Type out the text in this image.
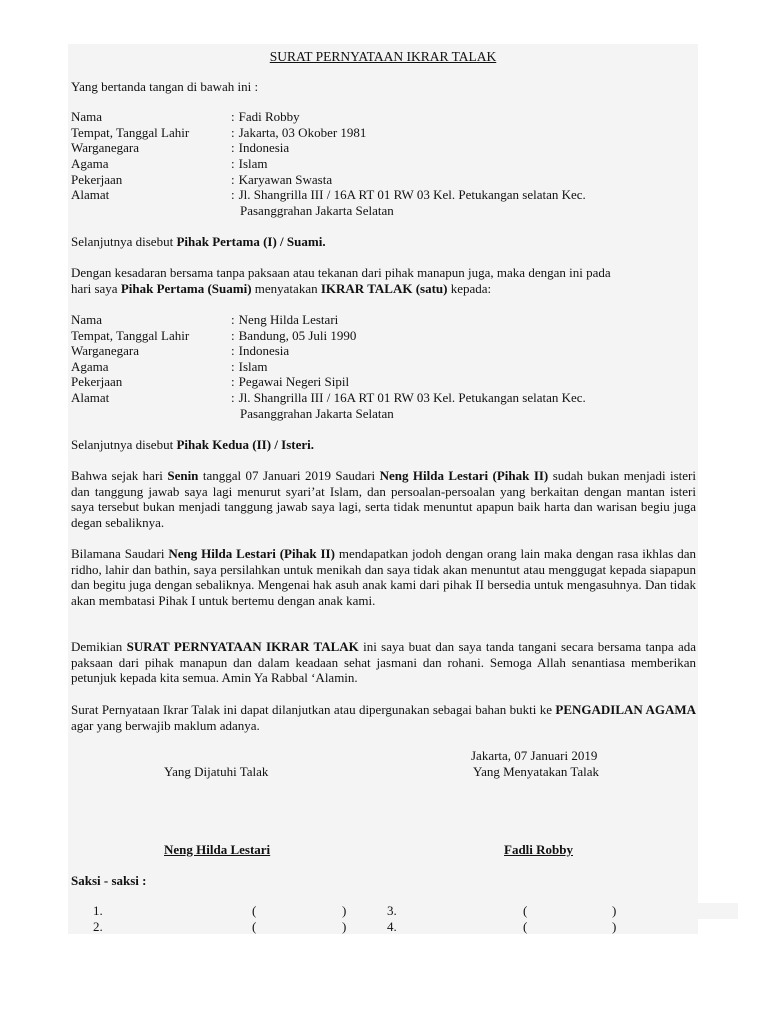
SURAT PERNYATAAN IKRAR TALAK
Yang bertanda tangan di bawah ini :
Nama	: Fadi Robby
Tempat, Tanggal Lahir	: Jakarta, 03 Okober 1981
Warganegara	: Indonesia
Agama	: Islam
Pekerjaan	: Karyawan Swasta
Alamat	: Jl. Shangrilla III / 16A RT 01 RW 03 Kel. Petukangan selatan Kec.
Pasanggrahan Jakarta Selatan
Selanjutnya disebut Pihak Pertama (I) / Suami.
Dengan kesadaran bersama tanpa paksaan atau tekanan dari pihak manapun juga, maka dengan ini pada
hari saya Pihak Pertama (Suami) menyatakan IKRAR TALAK (satu) kepada:
Nama	: Neng Hilda Lestari
Tempat, Tanggal Lahir	: Bandung, 05 Juli 1990
Warganegara	: Indonesia
Agama	: Islam
Pekerjaan	: Pegawai Negeri Sipil
Alamat	: Jl. Shangrilla III / 16A RT 01 RW 03 Kel. Petukangan selatan Kec.
Pasanggrahan Jakarta Selatan
Selanjutnya disebut Pihak Kedua (II) / Isteri.
Bahwa sejak hari Senin tanggal 07 Januari 2019 Saudari Neng Hilda Lestari (Pihak II) sudah bukan menjadi isteri dan tanggung jawab saya lagi menurut syari’at Islam, dan persoalan-persoalan yang berkaitan dengan mantan isteri saya tersebut bukan menjadi tanggung jawab saya lagi, serta tidak menuntut apapun baik harta dan warisan begiu juga degan sebaliknya.
Bilamana Saudari Neng Hilda Lestari (Pihak II) mendapatkan jodoh dengan orang lain maka dengan rasa ikhlas dan ridho, lahir dan bathin, saya persilahkan untuk menikah dan saya tidak akan menuntut atau menggugat kepada siapapun dan begitu juga dengan sebaliknya. Mengenai hak asuh anak kami dari pihak II bersedia untuk mengasuhnya. Dan tidak akan membatasi Pihak I untuk bertemu dengan anak kami.
Demikian SURAT PERNYATAAN IKRAR TALAK ini saya buat dan saya tanda tangani secara bersama tanpa ada paksaan dari pihak manapun dan dalam keadaan sehat jasmani dan rohani. Semoga Allah senantiasa memberikan petunjuk kepada kita semua. Amin Ya Rabbal ‘Alamin.
Surat Pernyataan Ikrar Talak ini dapat dilanjutkan atau dipergunakan sebagai bahan bukti ke PENGADILAN AGAMA agar yang berwajib maklum adanya.
Jakarta, 07 Januari 2019
Yang Dijatuhi Talak	Yang Menyatakan Talak
Neng Hilda Lestari	Fadli Robby
Saksi - saksi :
1.	(	)	3.	(	)
2.	(	)	4.	(	)
